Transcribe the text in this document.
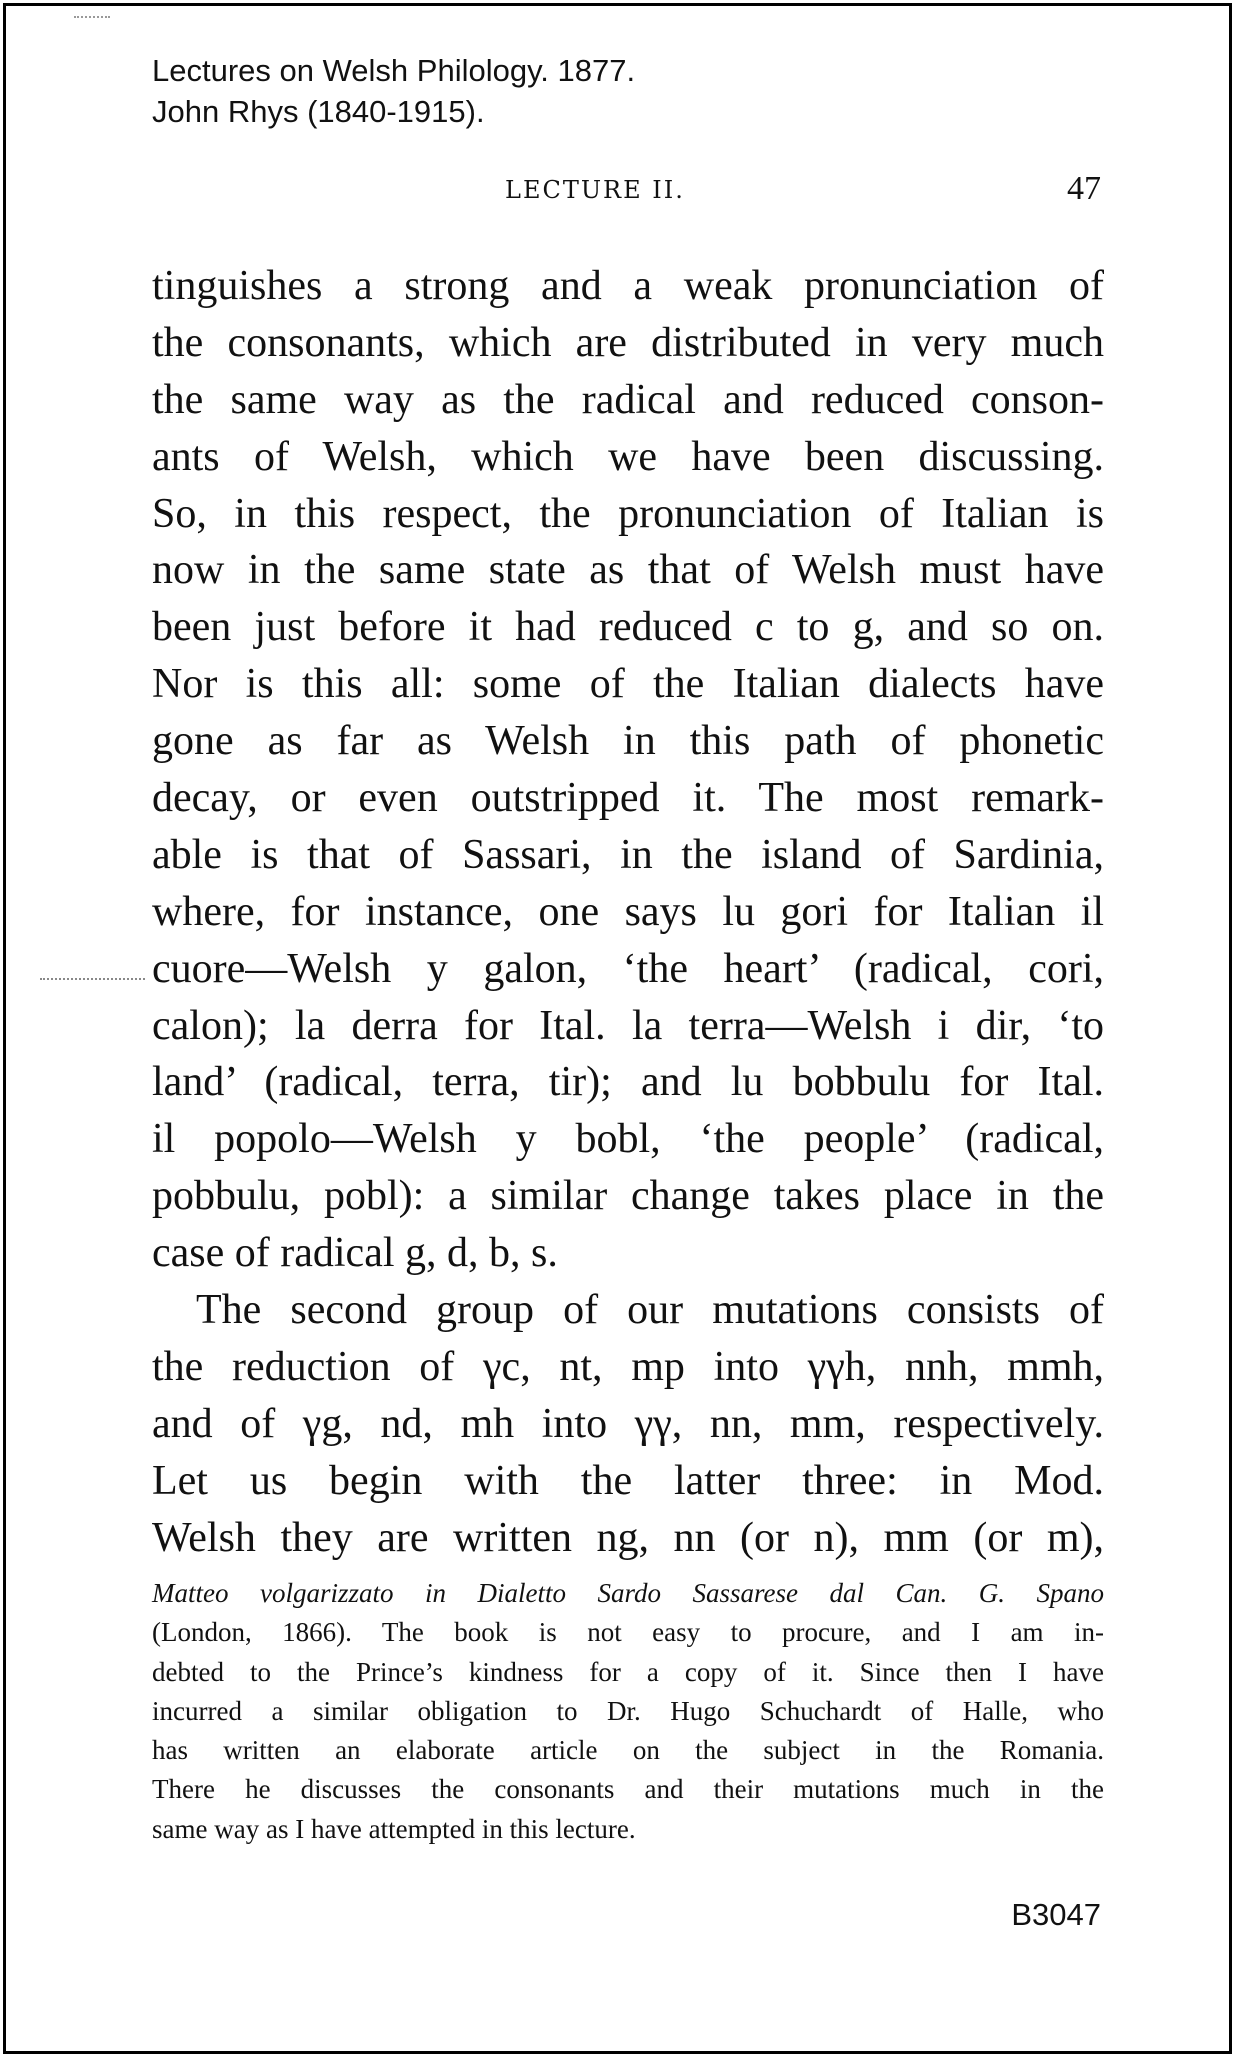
Lectures on Welsh Philology. 1877.
John Rhys (1840-1915).
LECTURE II.	47
tinguishes a strong and a weak pronunciation of
the consonants, which are distributed in very much
the same way as the radical and reduced conson-
ants of Welsh, which we have been discussing.
So, in this respect, the pronunciation of Italian is
now in the same state as that of Welsh must have
been just before it had reduced c to g, and so on.
Nor is this all: some of the Italian dialects have
gone as far as Welsh in this path of phonetic
decay, or even outstripped it. The most remark-
able is that of Sassari, in the island of Sardinia,
where, for instance, one says lu gori for Italian il
cuore—Welsh y galon, ‘the heart’ (radical, cori,
calon); la derra for Ital. la terra—Welsh i dir, ‘to
land’ (radical, terra, tir); and lu bobbulu for Ital.
il popolo—Welsh y bobl, ‘the people’ (radical,
pobbulu, pobl): a similar change takes place in the
case of radical g, d, b, s.
The second group of our mutations consists of
the reduction of γc, nt, mp into γγh, nnh, mmh,
and of γg, nd, mh into γγ, nn, mm, respectively.
Let us begin with the latter three: in Mod.
Welsh they are written ng, nn (or n), mm (or m),
Matteo volgarizzato in Dialetto Sardo Sassarese dal Can. G. Spano
(London, 1866). The book is not easy to procure, and I am in-
debted to the Prince’s kindness for a copy of it. Since then I have
incurred a similar obligation to Dr. Hugo Schuchardt of Halle, who
has written an elaborate article on the subject in the Romania.
There he discusses the consonants and their mutations much in the
same way as I have attempted in this lecture.
B3047
